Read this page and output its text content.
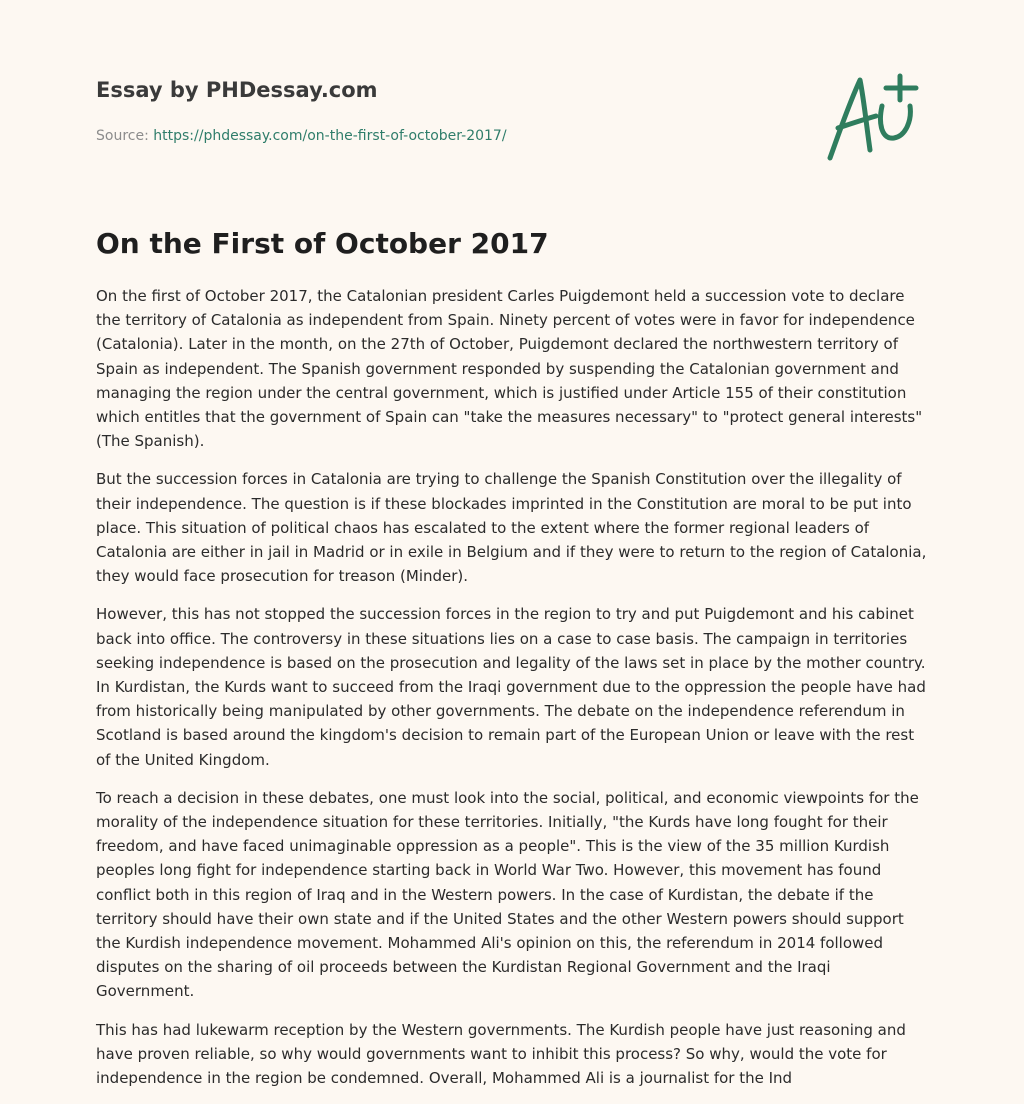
Essay by PHDessay.com
Source: https://phdessay.com/on-the-first-of-october-2017/
On the First of October 2017

On the first of October 2017, the Catalonian president Carles Puigdemont held a succession vote to declare the territory of Catalonia as independent from Spain. Ninety percent of votes were in favor for independence (Catalonia). Later in the month, on the 27th of October, Puigdemont declared the northwestern territory of Spain as independent. The Spanish government responded by suspending the Catalonian government and managing the region under the central government, which is justified under Article 155 of their constitution which entitles that the government of Spain can "take the measures necessary" to "protect general interests" (The Spanish).

But the succession forces in Catalonia are trying to challenge the Spanish Constitution over the illegality of their independence. The question is if these blockades imprinted in the Constitution are moral to be put into place. This situation of political chaos has escalated to the extent where the former regional leaders of Catalonia are either in jail in Madrid or in exile in Belgium and if they were to return to the region of Catalonia, they would face prosecution for treason (Minder).

However, this has not stopped the succession forces in the region to try and put Puigdemont and his cabinet back into office. The controversy in these situations lies on a case to case basis. The campaign in territories seeking independence is based on the prosecution and legality of the laws set in place by the mother country. In Kurdistan, the Kurds want to succeed from the Iraqi government due to the oppression the people have had from historically being manipulated by other governments. The debate on the independence referendum in Scotland is based around the kingdom's decision to remain part of the European Union or leave with the rest of the United Kingdom.

To reach a decision in these debates, one must look into the social, political, and economic viewpoints for the morality of the independence situation for these territories. Initially, "the Kurds have long fought for their freedom, and have faced unimaginable oppression as a people". This is the view of the 35 million Kurdish peoples long fight for independence starting back in World War Two. However, this movement has found conflict both in this region of Iraq and in the Western powers. In the case of Kurdistan, the debate if the territory should have their own state and if the United States and the other Western powers should support the Kurdish independence movement. Mohammed Ali's opinion on this, the referendum in 2014 followed disputes on the sharing of oil proceeds between the Kurdistan Regional Government and the Iraqi Government.

This has had lukewarm reception by the Western governments. The Kurdish people have just reasoning and have proven reliable, so why would governments want to inhibit this process? So why, would the vote for independence in the region be condemned. Overall, Mohammed Ali is a journalist for the Ind
